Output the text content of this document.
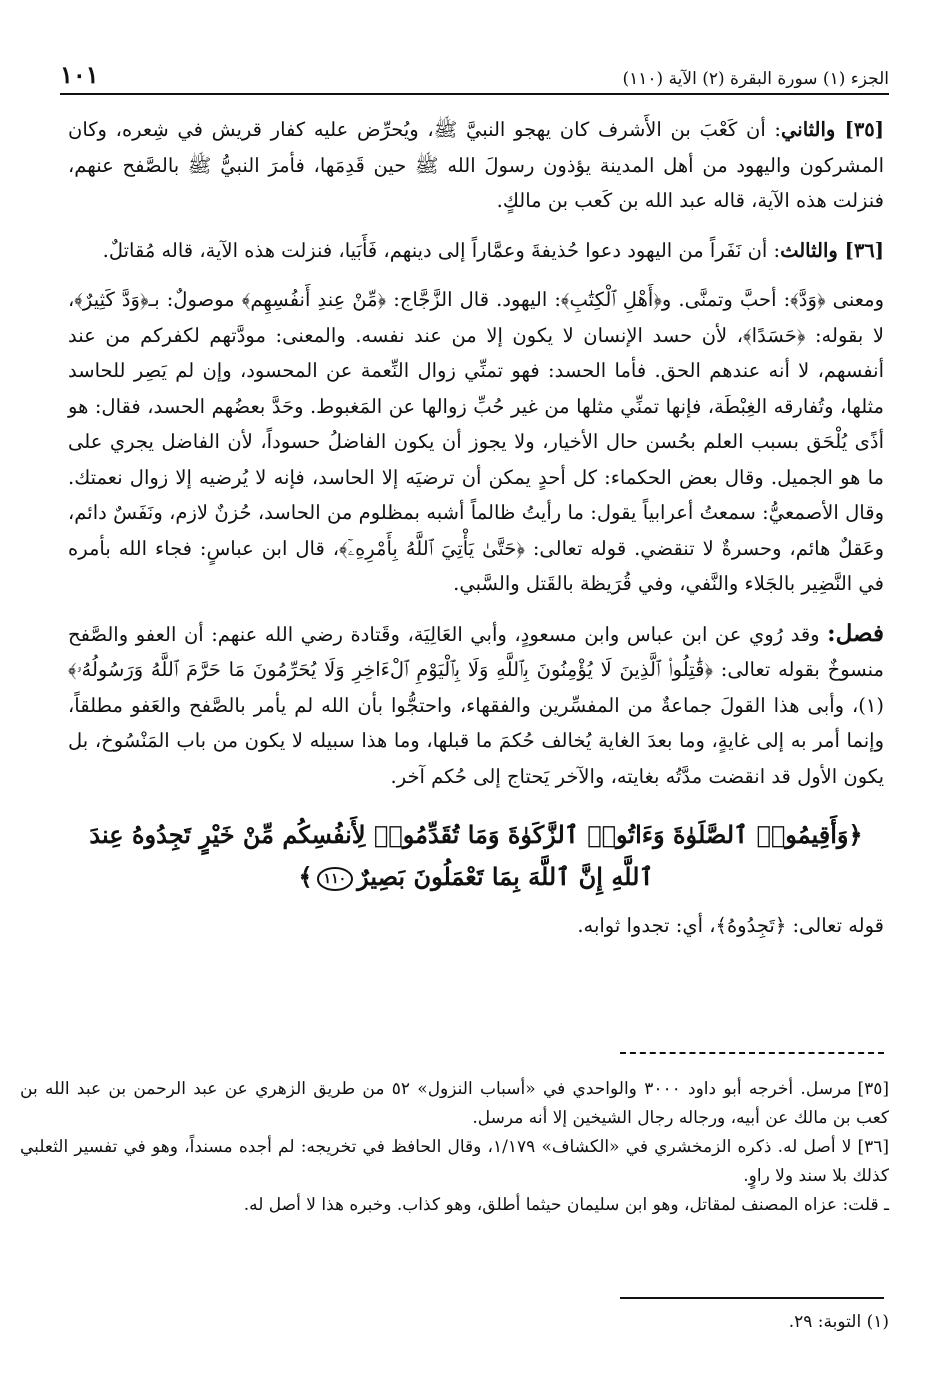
١٠١	الجزء (١) سورة البقرة (٢) الآية (١١٠)

[٣٥] والثاني: أن كَعْبَ بن الأَشرف كان يهجو النبيَّ ﷺ، ويُحرِّض عليه كفار قريش في شِعره، وكان المشركون واليهود من أهل المدينة يؤذون رسولَ الله ﷺ حين قَدِمَها، فأمرَ النبيُّ ﷺ بالصَّفح عنهم، فنزلت هذه الآية، قاله عبد الله بن كَعب بن مالكٍ.

[٣٦] والثالث: أن نَفَراً من اليهود دعوا حُذيفةَ وعمَّاراً إلى دينهم، فَأَبَيا، فنزلت هذه الآية، قاله مُقاتلٌ.

ومعنى ﴿وَدَّ﴾: أحبَّ وتمنَّى. و﴿أَهْلِ ٱلْكِتَٰبِ﴾: اليهود. قال الزَّجَّاج: ﴿مِّنْ عِندِ أَنفُسِهِم﴾ موصولٌ: بـ﴿وَدَّ كَثِيرٌ﴾، لا بقوله: ﴿حَسَدًا﴾، لأن حسد الإنسان لا يكون إلا من عند نفسه. والمعنى: مودَّتهم لكفركم من عند أنفسهم، لا أنه عندهم الحق. فأما الحسد: فهو تمنِّي زوال النِّعمة عن المحسود، وإن لم يَصِر للحاسد مثلها، وتُفارقه الغِبْطَة، فإنها تمنِّي مثلها من غير حُبِّ زوالها عن المَغبوط. وحَدَّ بعضُهم الحسد، فقال: هو أذًى يُلْحَق بسبب العلم بحُسن حال الأخيار، ولا يجوز أن يكون الفاضلُ حسوداً، لأن الفاضل يجري على ما هو الجميل. وقال بعض الحكماء: كل أحدٍ يمكن أن ترضيَه إلا الحاسد، فإنه لا يُرضيه إلا زوال نعمتك. وقال الأصمعيُّ: سمعتُ أعرابياً يقول: ما رأيتُ ظالماً أشبه بمظلوم من الحاسد، حُزنٌ لازم، ونَفَسٌ دائم، وعَقلٌ هائم، وحسرةٌ لا تنقضي. قوله تعالى: ﴿حَتَّىٰ يَأْتِيَ ٱللَّهُ بِأَمْرِهِۦٓ﴾، قال ابن عباسٍ: فجاء الله بأمره في النَّضِير بالجَلاء والنَّفي، وفي قُرَيظة بالقَتل والسَّبي.

فصل: وقد رُوي عن ابن عباس وابن مسعودٍ، وأبي العَالِيَة، وقَتادة رضي الله عنهم: أن العفو والصَّفح منسوخٌ بقوله تعالى: ﴿قَٰتِلُوا۟ ٱلَّذِينَ لَا يُؤْمِنُونَ بِٱللَّهِ وَلَا بِٱلْيَوْمِ ٱلْءَاخِرِ وَلَا يُحَرِّمُونَ مَا حَرَّمَ ٱللَّهُ وَرَسُولُهُۥ﴾(١)، وأبى هذا القولَ جماعةٌ من المفسِّرين والفقهاء، واحتجُّوا بأن الله لم يأمر بالصَّفح والعَفو مطلقاً، وإنما أمر به إلى غايةٍ، وما بعدَ الغاية يُخالف حُكمَ ما قبلها، وما هذا سبيله لا يكون من باب المَنْسُوخ، بل يكون الأول قد انقضت مدَّتُه بغايته، والآخر يَحتاج إلى حُكم آخر.

﴿وَأَقِيمُوا۟ ٱلصَّلَوٰةَ وَءَاتُوا۟ ٱلزَّكَوٰةَ وَمَا تُقَدِّمُوا۟ لِأَنفُسِكُم مِّنْ خَيْرٍ تَجِدُوهُ عِندَ ٱللَّهِ إِنَّ ٱللَّهَ بِمَا تَعْمَلُونَ بَصِيرٌ١١٠﴾

قوله تعالى: ﴿تَجِدُوهُ﴾، أي: تجدوا ثوابه.

[٣٥]مرسل. أخرجه أبو داود ٣٠٠٠ والواحدي في «أسباب النزول» ٥٢ من طريق الزهري عن عبد الرحمن بن عبد الله بن كعب بن مالك عن أبيه، ورجاله رجال الشيخين إلا أنه مرسل.

[٣٦]لا أصل له. ذكره الزمخشري في «الكشاف» ١/١٧٩، وقال الحافظ في تخريجه: لم أجده مسنداً، وهو في تفسير الثعلبي كذلك بلا سند ولا راوٍ.

ـ قلت: عزاه المصنف لمقاتل، وهو ابن سليمان حيثما أطلق، وهو كذاب. وخبره هذا لا أصل له.

(١) التوبة: ٢٩.
